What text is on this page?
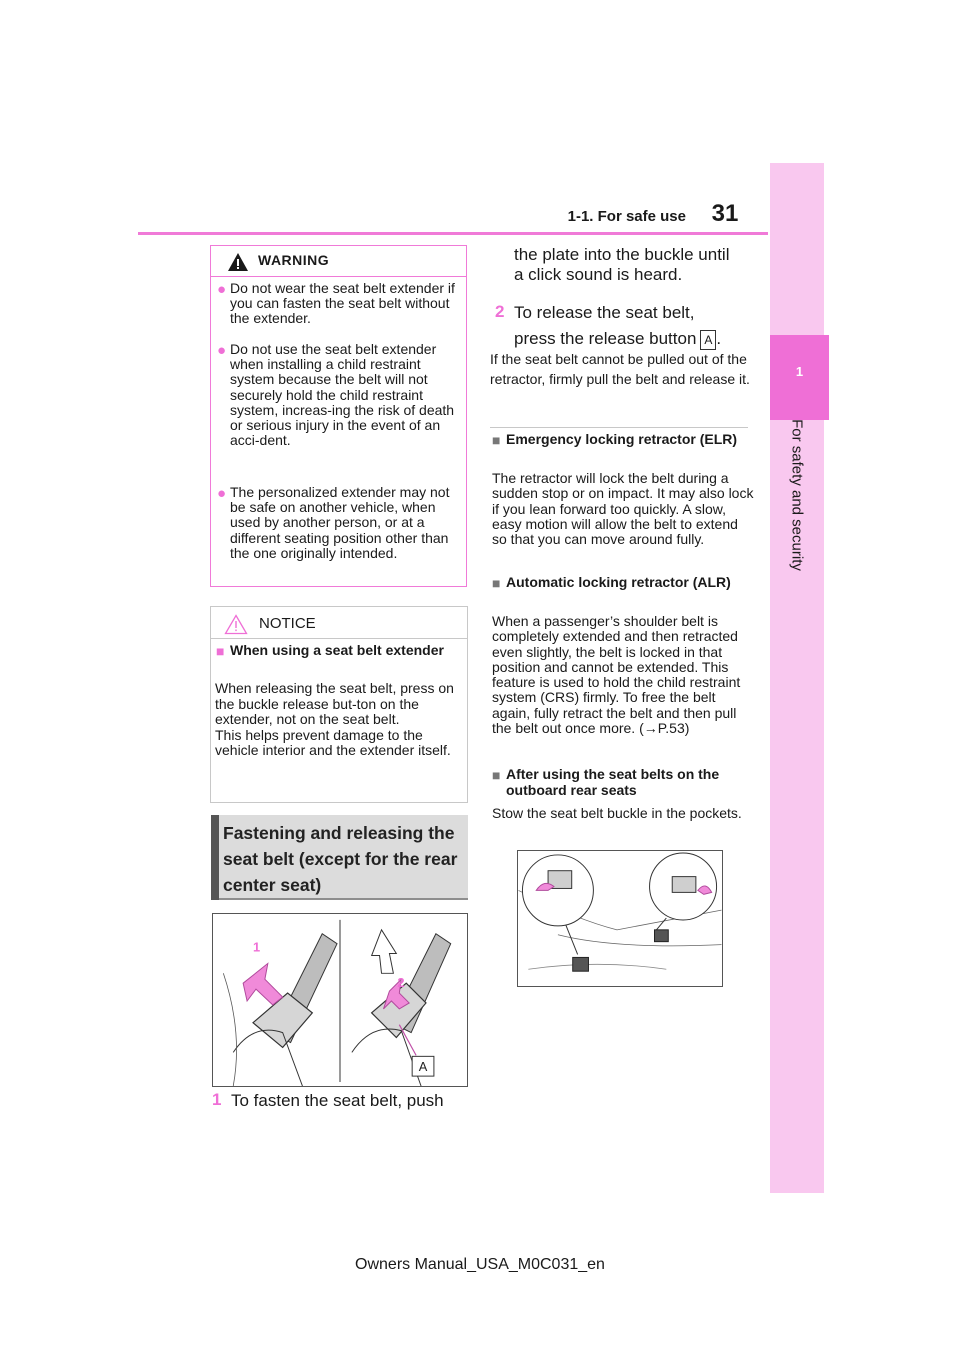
1-1. For safe use	31
1
For safety and security
WARNING
● Do not wear the seat belt extender if you can fasten the seat belt without the extender.
● Do not use the seat belt extender when installing a child restraint system because the belt will not securely hold the child restraint system, increas-ing the risk of death or serious injury in the event of an acci-dent.
● The personalized extender may not be safe on another vehicle, when used by another person, or at a different seating position other than the one originally intended.
NOTICE
■ When using a seat belt extender
When releasing the seat belt, press on the buckle release but-ton on the extender, not on the seat belt.
This helps prevent damage to the vehicle interior and the extender itself.
Fastening and releasing the seat belt (except for the rear center seat)
1
2
A
1 To fasten the seat belt, push
the plate into the buckle until
a click sound is heard.
2 To release the seat belt,
press the release button A .
If the seat belt cannot be pulled out of the retractor, firmly pull the belt and release it.
■ Emergency locking retractor (ELR)
The retractor will lock the belt during a sudden stop or on impact. It may also lock if you lean forward too quickly. A slow, easy motion will allow the belt to extend so that you can move around fully.
■ Automatic locking retractor (ALR)
When a passenger’s shoulder belt is completely extended and then retracted even slightly, the belt is locked in that position and cannot be extended. This feature is used to hold the child restraint system (CRS) firmly. To free the belt again, fully retract the belt and then pull the belt out once more. (→P.53)
■ After using the seat belts on the outboard rear seats
Stow the seat belt buckle in the pockets.
Owners Manual_USA_M0C031_en
